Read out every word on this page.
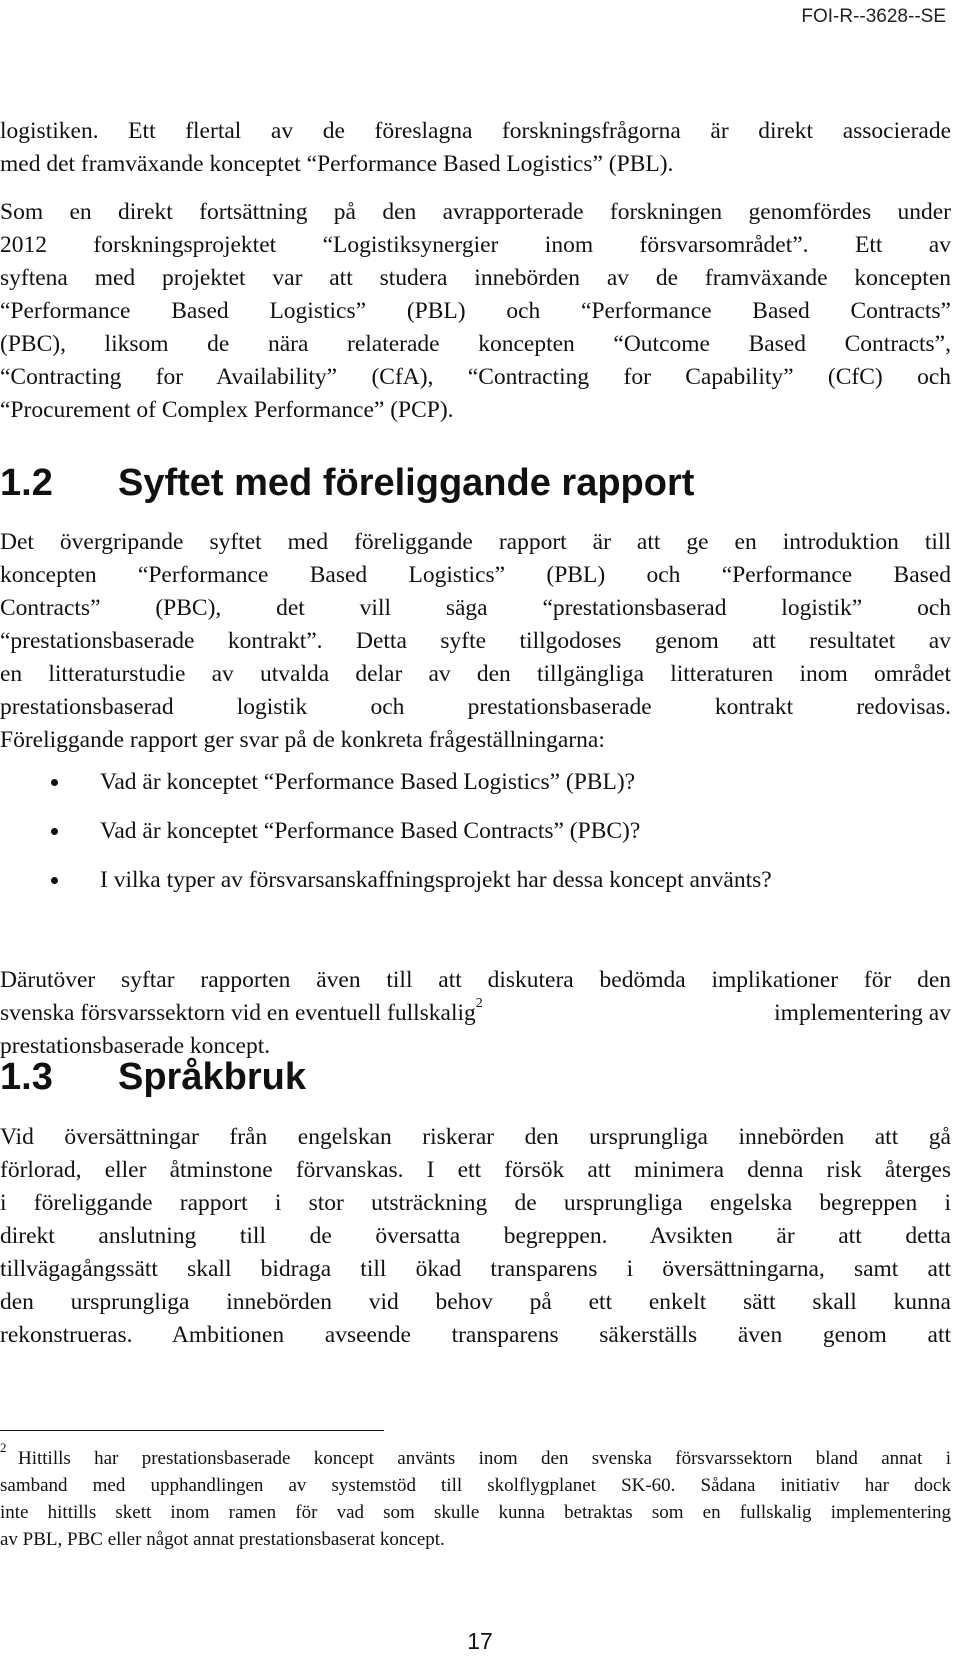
FOI-R--3628--SE
logistiken. Ett flertal av de föreslagna forskningsfrågorna är direkt associerade
med det framväxande konceptet “Performance Based Logistics” (PBL).
Som en direkt fortsättning på den avrapporterade forskningen genomfördes under
2012 forskningsprojektet “Logistiksynergier inom försvarsområdet”. Ett av
syftena med projektet var att studera innebörden av de framväxande koncepten
“Performance Based Logistics” (PBL) och “Performance Based Contracts”
(PBC), liksom de nära relaterade koncepten “Outcome Based Contracts”,
“Contracting for Availability” (CfA), “Contracting for Capability” (CfC) och
“Procurement of Complex Performance” (PCP).
1.2 Syftet med föreliggande rapport
Det övergripande syftet med föreliggande rapport är att ge en introduktion till
koncepten “Performance Based Logistics” (PBL) och “Performance Based
Contracts” (PBC), det vill säga “prestationsbaserad logistik” och
“prestationsbaserade kontrakt”. Detta syfte tillgodoses genom att resultatet av
en litteraturstudie av utvalda delar av den tillgängliga litteraturen inom området
prestationsbaserad logistik och prestationsbaserade kontrakt redovisas.
Föreliggande rapport ger svar på de konkreta frågeställningarna:
Vad är konceptet “Performance Based Logistics” (PBL)?
Vad är konceptet “Performance Based Contracts” (PBC)?
I vilka typer av försvarsanskaffningsprojekt har dessa koncept använts?
Därutöver syftar rapporten även till att diskutera bedömda implikationer för den
svenska försvarssektorn vid en eventuell fullskalig$^2$	implementering av
prestationsbaserade koncept.
1.3 Språkbruk
Vid översättningar från engelskan riskerar den ursprungliga innebörden att gå
förlorad, eller åtminstone förvanskas. I ett försök att minimera denna risk återges
i föreliggande rapport i stor utsträckning de ursprungliga engelska begreppen i
direkt anslutning till de översatta begreppen. Avsikten är att detta
tillvägagångssätt skall bidraga till ökad transparens i översättningarna, samt att
den ursprungliga innebörden vid behov på ett enkelt sätt skall kunna
rekonstrueras. Ambitionen avseende transparens säkerställs även genom att
2
Hittills har prestationsbaserade koncept använts inom den svenska försvarssektorn bland annat i
samband med upphandlingen av systemstöd till skolflygplanet SK-60. Sådana initiativ har dock
inte hittills skett inom ramen för vad som skulle kunna betraktas som en fullskalig implementering
av PBL, PBC eller något annat prestationsbaserat koncept.
17
